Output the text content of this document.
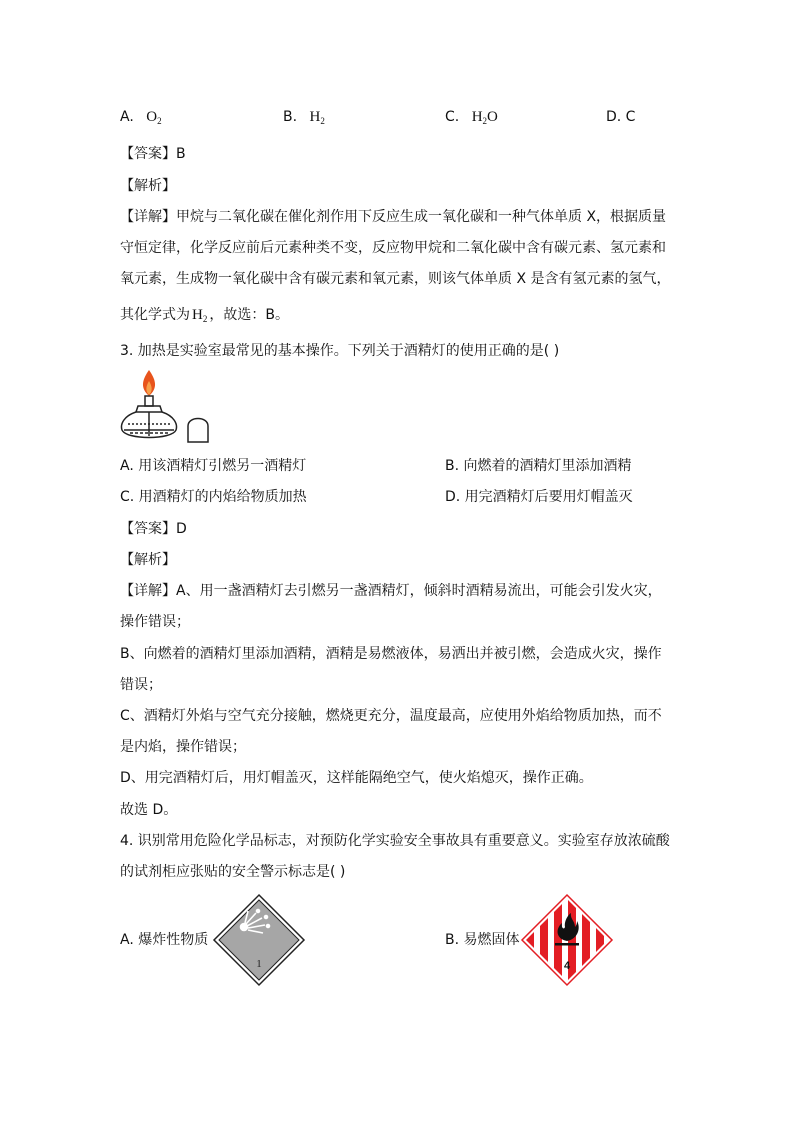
A. $O_2$	B. $H_2$	C. $H_2O$	D. C
【答案】B
【解析】
【详解】甲烷与二氧化碳在催化剂作用下反应生成一氧化碳和一种气体单质 X，根据质量
守恒定律，化学反应前后元素种类不变，反应物甲烷和二氧化碳中含有碳元素、氢元素和
氧元素，生成物一氧化碳中含有碳元素和氧元素，则该气体单质 X 是含有氢元素的氢气，
其化学式为 $H_2$ ，故选：B。
3. 加热是实验室最常见的基本操作。下列关于酒精灯的使用正确的是( )
A. 用该酒精灯引燃另一酒精灯	B. 向燃着的酒精灯里添加酒精
C. 用酒精灯的内焰给物质加热	D. 用完酒精灯后要用灯帽盖灭
【答案】D
【解析】
【详解】A、用一盏酒精灯去引燃另一盏酒精灯，倾斜时酒精易流出，可能会引发火灾，
操作错误；
B、向燃着的酒精灯里添加酒精，酒精是易燃液体，易洒出并被引燃，会造成火灾，操作
错误；
C、酒精灯外焰与空气充分接触，燃烧更充分，温度最高，应使用外焰给物质加热，而不
是内焰，操作错误；
D、用完酒精灯后，用灯帽盖灭，这样能隔绝空气，使火焰熄灭，操作正确。
故选 D。
4. 识别常用危险化学品标志，对预防化学实验安全事故具有重要意义。实验室存放浓硫酸
的试剂柜应张贴的安全警示标志是( )
A. 爆炸性物质
1
B. 易燃固体
4
